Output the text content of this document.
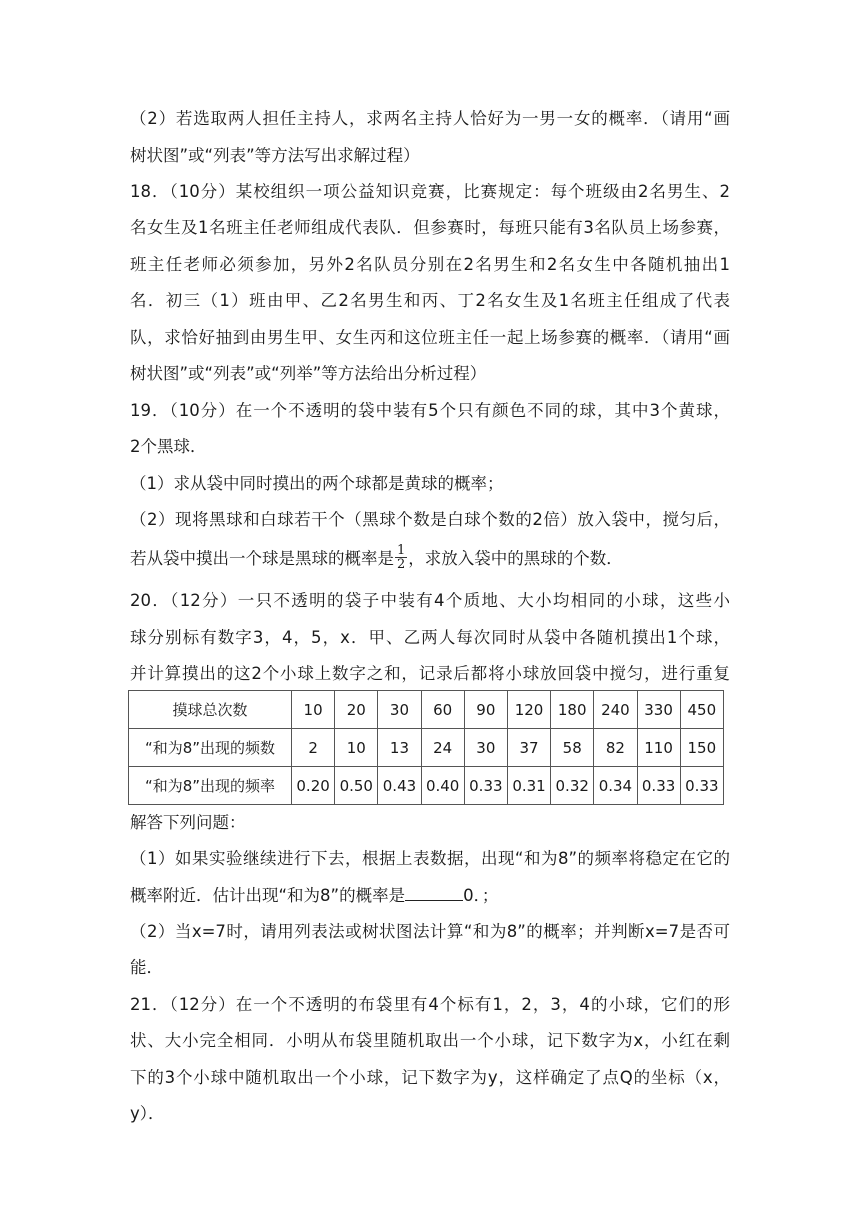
（2）若选取两人担任主持人，求两名主持人恰好为一男一女的概率．（请用“画
树状图”或“列表”等方法写出求解过程）
18．（10分）某校组织一项公益知识竞赛，比赛规定：每个班级由2名男生、2
名女生及1名班主任老师组成代表队．但参赛时，每班只能有3名队员上场参赛，
班主任老师必须参加，另外2名队员分别在2名男生和2名女生中各随机抽出1
名．初三（1）班由甲、乙2名男生和丙、丁2名女生及1名班主任组成了代表
队，求恰好抽到由男生甲、女生丙和这位班主任一起上场参赛的概率．（请用“画
树状图”或“列表”或“列举”等方法给出分析过程）
19．（10分）在一个不透明的袋中装有5个只有颜色不同的球，其中3个黄球，
2个黑球．
（1）求从袋中同时摸出的两个球都是黄球的概率；
（2）现将黑球和白球若干个（黑球个数是白球个数的2倍）放入袋中，搅匀后，
若从袋中摸出一个球是黑球的概率是 $\frac{1}{2}$ ，求放入袋中的黑球的个数．
20．（12分）一只不透明的袋子中装有4个质地、大小均相同的小球，这些小
球分别标有数字3，4，5，x．甲、乙两人每次同时从袋中各随机摸出1个球，
并计算摸出的这2个小球上数字之和，记录后都将小球放回袋中搅匀，进行重复
摸球总次数	10	20	30	60	90	120	180	240	330	450
“和为8”出现的频数	2	10	13	24	30	37	58	82	110	150
“和为8”出现的频率	0.20	0.50	0.43	0.40	0.33	0.31	0.32	0.34	0.33	0.33
解答下列问题：
（1）如果实验继续进行下去，根据上表数据，出现“和为8”的频率将稳定在它的
概率附近．估计出现“和为8”的概率是	0．；
（2）当x=7时，请用列表法或树状图法计算“和为8”的概率；并判断x=7是否可
能．
21．（12分）在一个不透明的布袋里有4个标有1，2，3，4的小球，它们的形
状、大小完全相同．小明从布袋里随机取出一个小球，记下数字为x，小红在剩
下的3个小球中随机取出一个小球，记下数字为y，这样确定了点Q的坐标（x，
y）．
